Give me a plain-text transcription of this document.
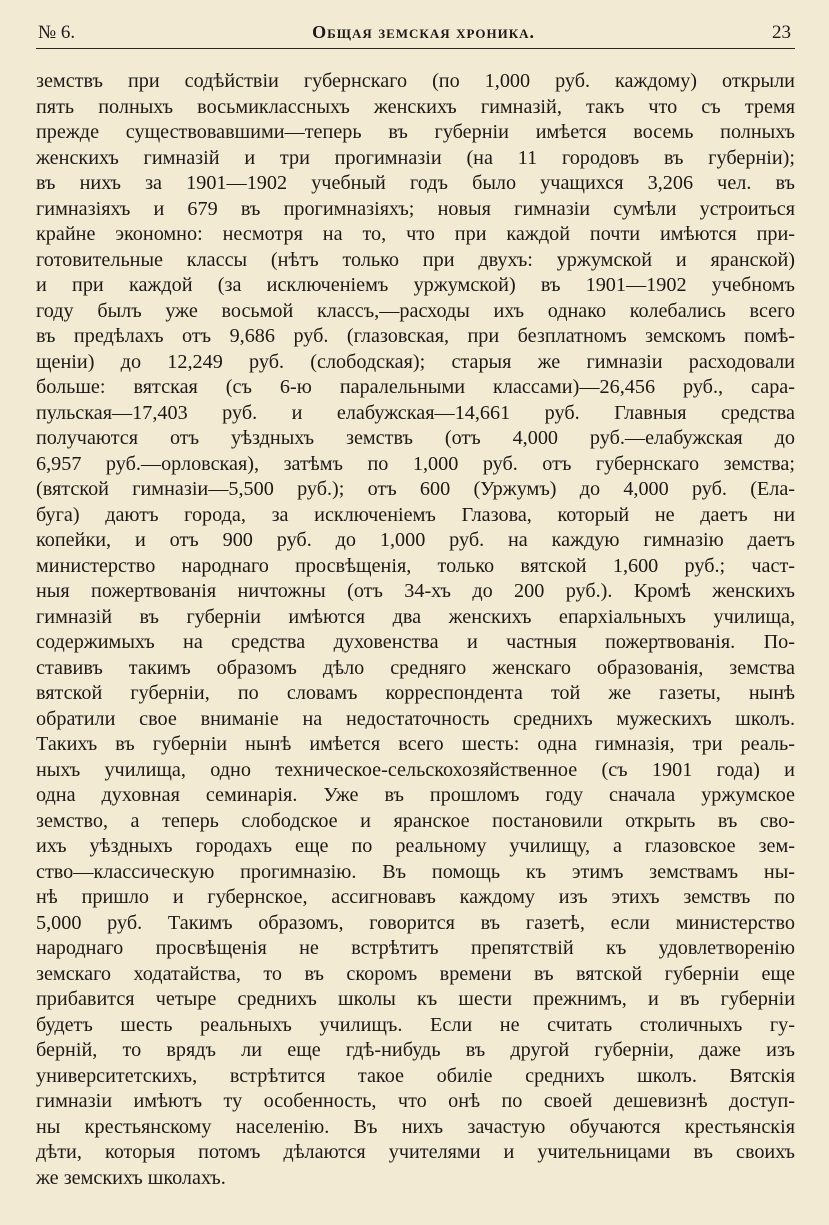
№ 6.	Общая земская хроника.	23
земствъ при содѣйствіи губернскаго (по 1,000 руб. каждому) открыли
пять полныхъ восьмиклассныхъ женскихъ гимназій, такъ что съ тремя
прежде существовавшими—теперь въ губерніи имѣется восемь полныхъ
женскихъ гимназій и три прогимназіи (на 11 городовъ въ губерніи);
въ нихъ за 1901—1902 учебный годъ было учащихся 3,206 чел. въ
гимназіяхъ и 679 въ прогимназіяхъ; новыя гимназіи сумѣли устроиться
крайне экономно: несмотря на то, что при каждой почти имѣются при-
готовительные классы (нѣтъ только при двухъ: уржумской и яранской)
и при каждой (за исключеніемъ уржумской) въ 1901—1902 учебномъ
году былъ уже восьмой классъ,—расходы ихъ однако колебались всего
въ предѣлахъ отъ 9,686 руб. (глазовская, при безплатномъ земскомъ помѣ-
щеніи) до 12,249 руб. (слободская); старыя же гимназіи расходовали
больше: вятская (съ 6-ю паралельными классами)—26,456 руб., сара-
пульская—17,403 руб. и елабужская—14,661 руб. Главныя средства
получаются отъ уѣздныхъ земствъ (отъ 4,000 руб.—елабужская до
6,957 руб.—орловская), затѣмъ по 1,000 руб. отъ губернскаго земства;
(вятской гимназіи—5,500 руб.); отъ 600 (Уржумъ) до 4,000 руб. (Ела-
буга) даютъ города, за исключеніемъ Глазова, который не даетъ ни
копейки, и отъ 900 руб. до 1,000 руб. на каждую гимназію даетъ
министерство народнаго просвѣщенія, только вятской 1,600 руб.; част-
ныя пожертвованія ничтожны (отъ 34-хъ до 200 руб.). Кромѣ женскихъ
гимназій въ губерніи имѣются два женскихъ епархіальныхъ училища,
содержимыхъ на средства духовенства и частныя пожертвованія. По-
ставивъ такимъ образомъ дѣло средняго женскаго образованія, земства
вятской губерніи, по словамъ корреспондента той же газеты, нынѣ
обратили свое вниманіе на недостаточность среднихъ мужескихъ школъ.
Такихъ въ губерніи нынѣ имѣется всего шесть: одна гимназія, три реаль-
ныхъ училища, одно техническое-сельскохозяйственное (съ 1901 года) и
одна духовная семинарія. Уже въ прошломъ году сначала уржумское
земство, а теперь слободское и яранское постановили открыть въ сво-
ихъ уѣздныхъ городахъ еще по реальному училищу, а глазовское зем-
ство—классическую прогимназію. Въ помощь къ этимъ земствамъ ны-
нѣ пришло и губернское, ассигновавъ каждому изъ этихъ земствъ по
5,000 руб. Такимъ образомъ, говорится въ газетѣ, если министерство
народнаго просвѣщенія не встрѣтитъ препятствій къ удовлетворенію
земскаго ходатайства, то въ скоромъ времени въ вятской губерніи еще
прибавится четыре среднихъ школы къ шести прежнимъ, и въ губерніи
будетъ шесть реальныхъ училищъ. Если не считать столичныхъ гу-
берній, то врядъ ли еще гдѣ-нибудь въ другой губерніи, даже изъ
университетскихъ, встрѣтится такое обиліе среднихъ школъ. Вятскія
гимназіи имѣютъ ту особенность, что онѣ по своей дешевизнѣ доступ-
ны крестьянскому населенію. Въ нихъ зачастую обучаются крестьянскія
дѣти, которыя потомъ дѣлаются учителями и учительницами въ своихъ
же земскихъ школахъ.
